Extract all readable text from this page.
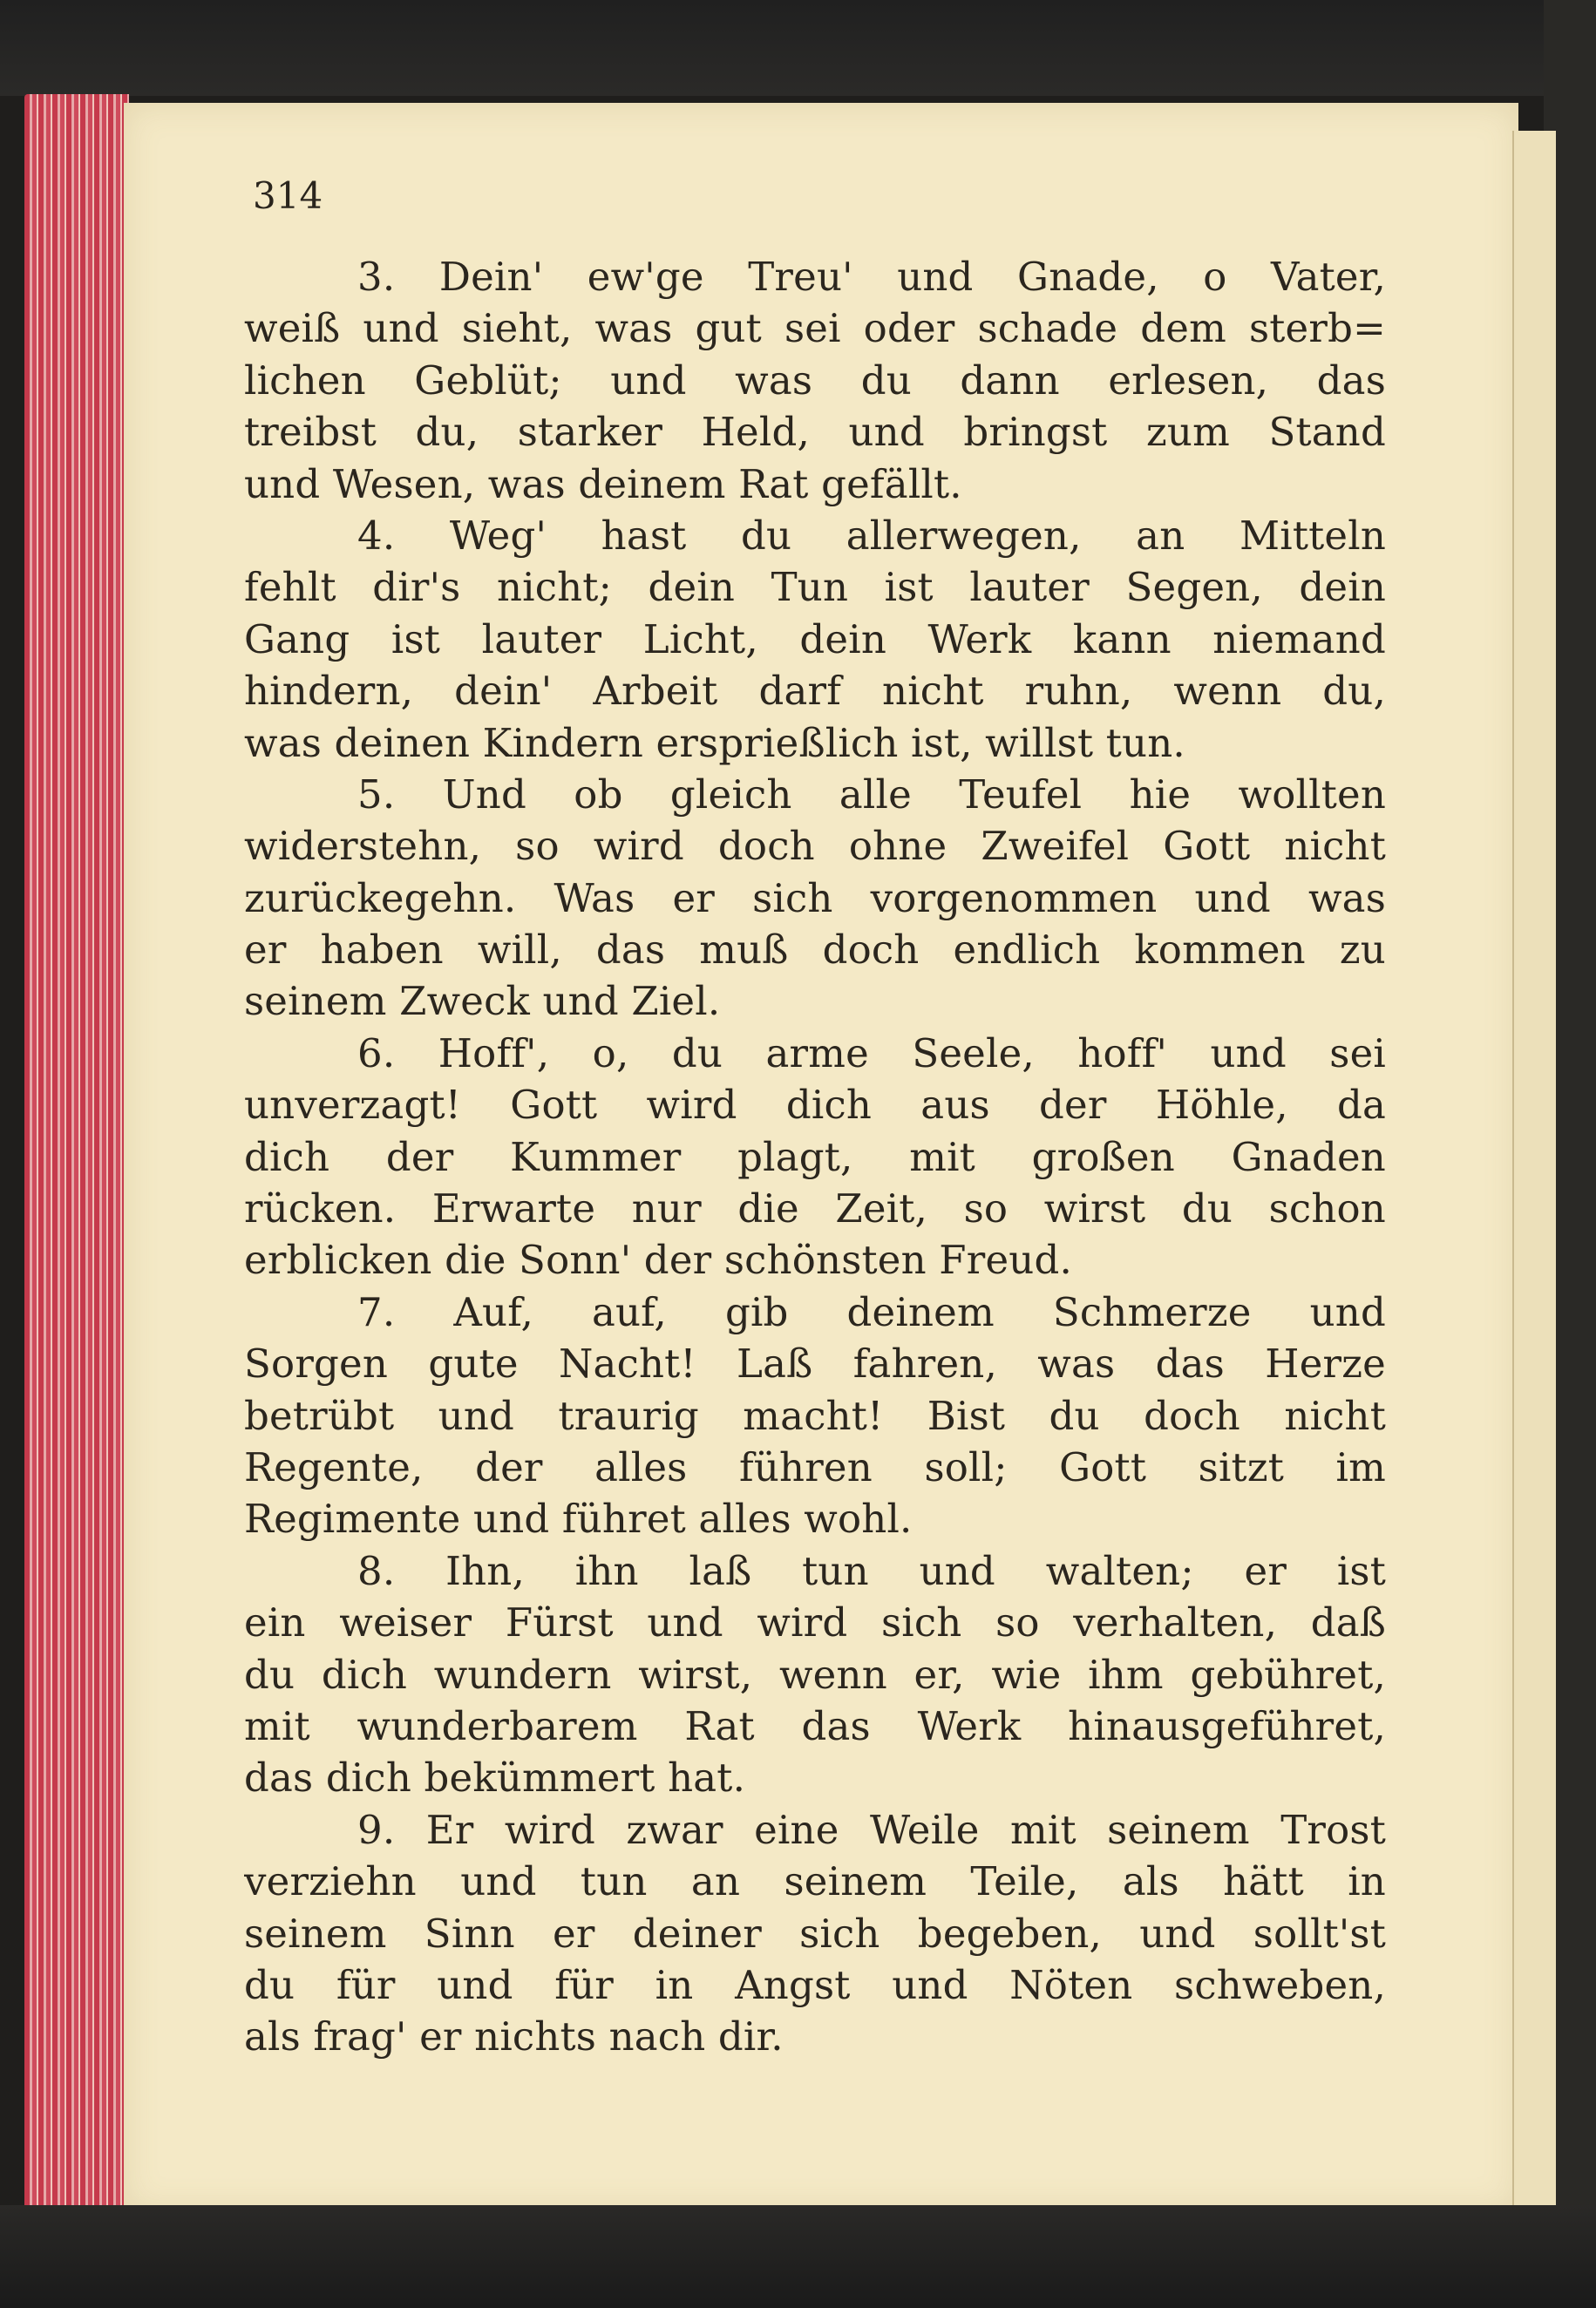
314
3. Dein' ew'ge Treu' und Gnade, o Vater,
weiß und sieht, was gut sei oder schade dem sterb=
lichen Geblüt; und was du dann erlesen, das
treibst du, starker Held, und bringst zum Stand
und Wesen, was deinem Rat gefällt.
4. Weg' hast du allerwegen, an Mitteln
fehlt dir's nicht; dein Tun ist lauter Segen, dein
Gang ist lauter Licht, dein Werk kann niemand
hindern, dein' Arbeit darf nicht ruhn, wenn du,
was deinen Kindern ersprießlich ist, willst tun.
5. Und ob gleich alle Teufel hie wollten
widerstehn, so wird doch ohne Zweifel Gott nicht
zurückegehn. Was er sich vorgenommen und was
er haben will, das muß doch endlich kommen zu
seinem Zweck und Ziel.
6. Hoff', o, du arme Seele, hoff' und sei
unverzagt! Gott wird dich aus der Höhle, da
dich der Kummer plagt, mit großen Gnaden
rücken. Erwarte nur die Zeit, so wirst du schon
erblicken die Sonn' der schönsten Freud.
7. Auf, auf, gib deinem Schmerze und
Sorgen gute Nacht! Laß fahren, was das Herze
betrübt und traurig macht! Bist du doch nicht
Regente, der alles führen soll; Gott sitzt im
Regimente und führet alles wohl.
8. Ihn, ihn laß tun und walten; er ist
ein weiser Fürst und wird sich so verhalten, daß
du dich wundern wirst, wenn er, wie ihm gebühret,
mit wunderbarem Rat das Werk hinausgeführet,
das dich bekümmert hat.
9. Er wird zwar eine Weile mit seinem Trost
verziehn und tun an seinem Teile, als hätt in
seinem Sinn er deiner sich begeben, und sollt'st
du für und für in Angst und Nöten schweben,
als frag' er nichts nach dir.
